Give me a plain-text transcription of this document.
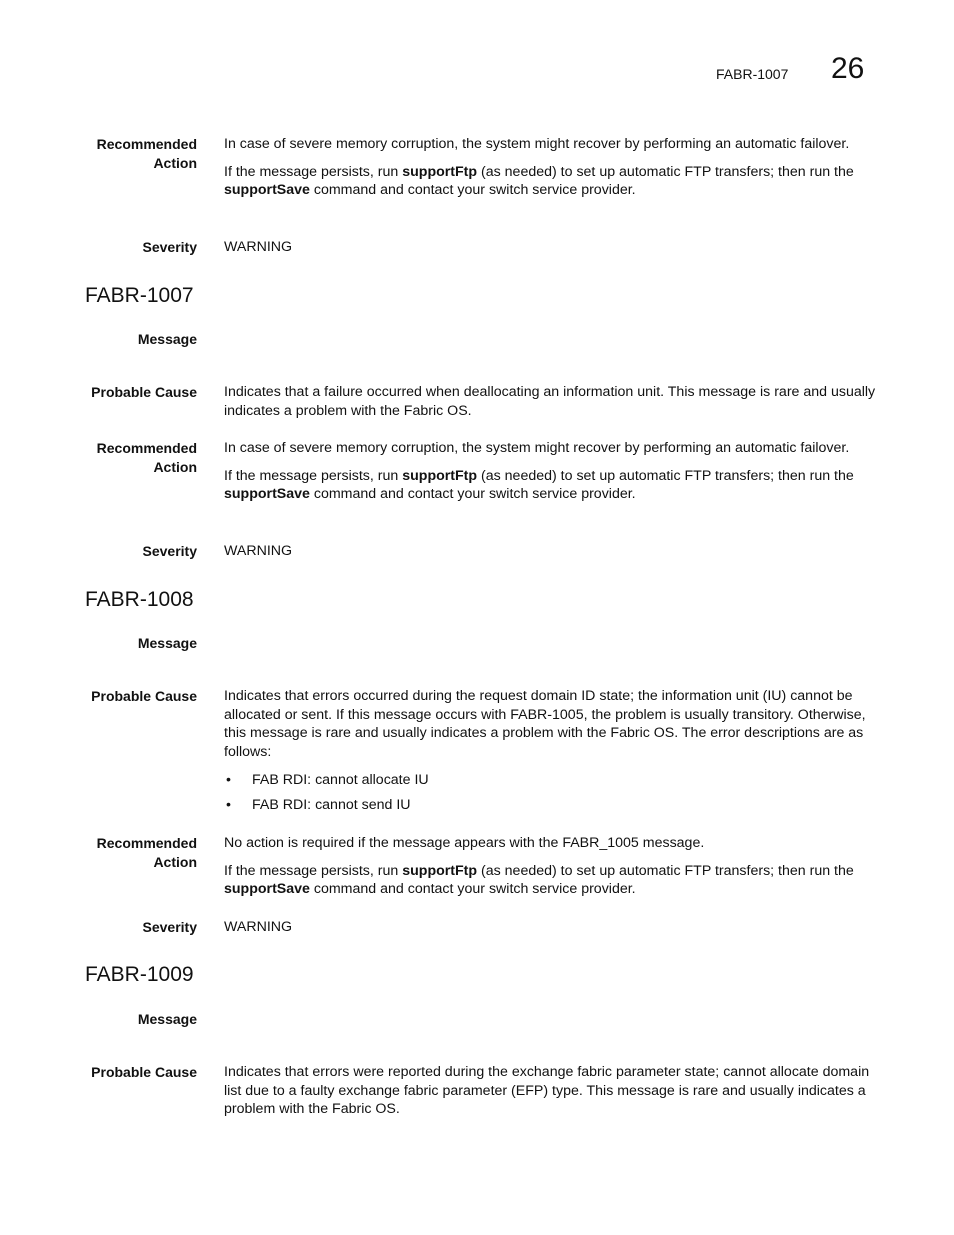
FABR-1007 26
Recommended
Action

In case of severe memory corruption, the system might recover by performing an automatic failover.

If the message persists, run supportFtp (as needed) to set up automatic FTP transfers; then run the supportSave command and contact your switch service provider.

Severity WARNING
FABR-1007
Message
Probable Cause Indicates that a failure occurred when deallocating an information unit. This message is rare and usually indicates a problem with the Fabric OS.
Recommended
Action

In case of severe memory corruption, the system might recover by performing an automatic failover.

If the message persists, run supportFtp (as needed) to set up automatic FTP transfers; then run the supportSave command and contact your switch service provider.

Severity WARNING
FABR-1008
Message
Probable Cause Indicates that errors occurred during the request domain ID state; the information unit (IU) cannot be allocated or sent. If this message occurs with FABR-1005, the problem is usually transitory. Otherwise, this message is rare and usually indicates a problem with the Fabric OS. The error descriptions are as follows:

• FAB RDI: cannot allocate IU
• FAB RDI: cannot send IU
Recommended
Action

No action is required if the message appears with the FABR_1005 message.

If the message persists, run supportFtp (as needed) to set up automatic FTP transfers; then run the supportSave command and contact your switch service provider.

Severity WARNING
FABR-1009
Message
Probable Cause Indicates that errors were reported during the exchange fabric parameter state; cannot allocate domain list due to a faulty exchange fabric parameter (EFP) type. This message is rare and usually indicates a problem with the Fabric OS.
